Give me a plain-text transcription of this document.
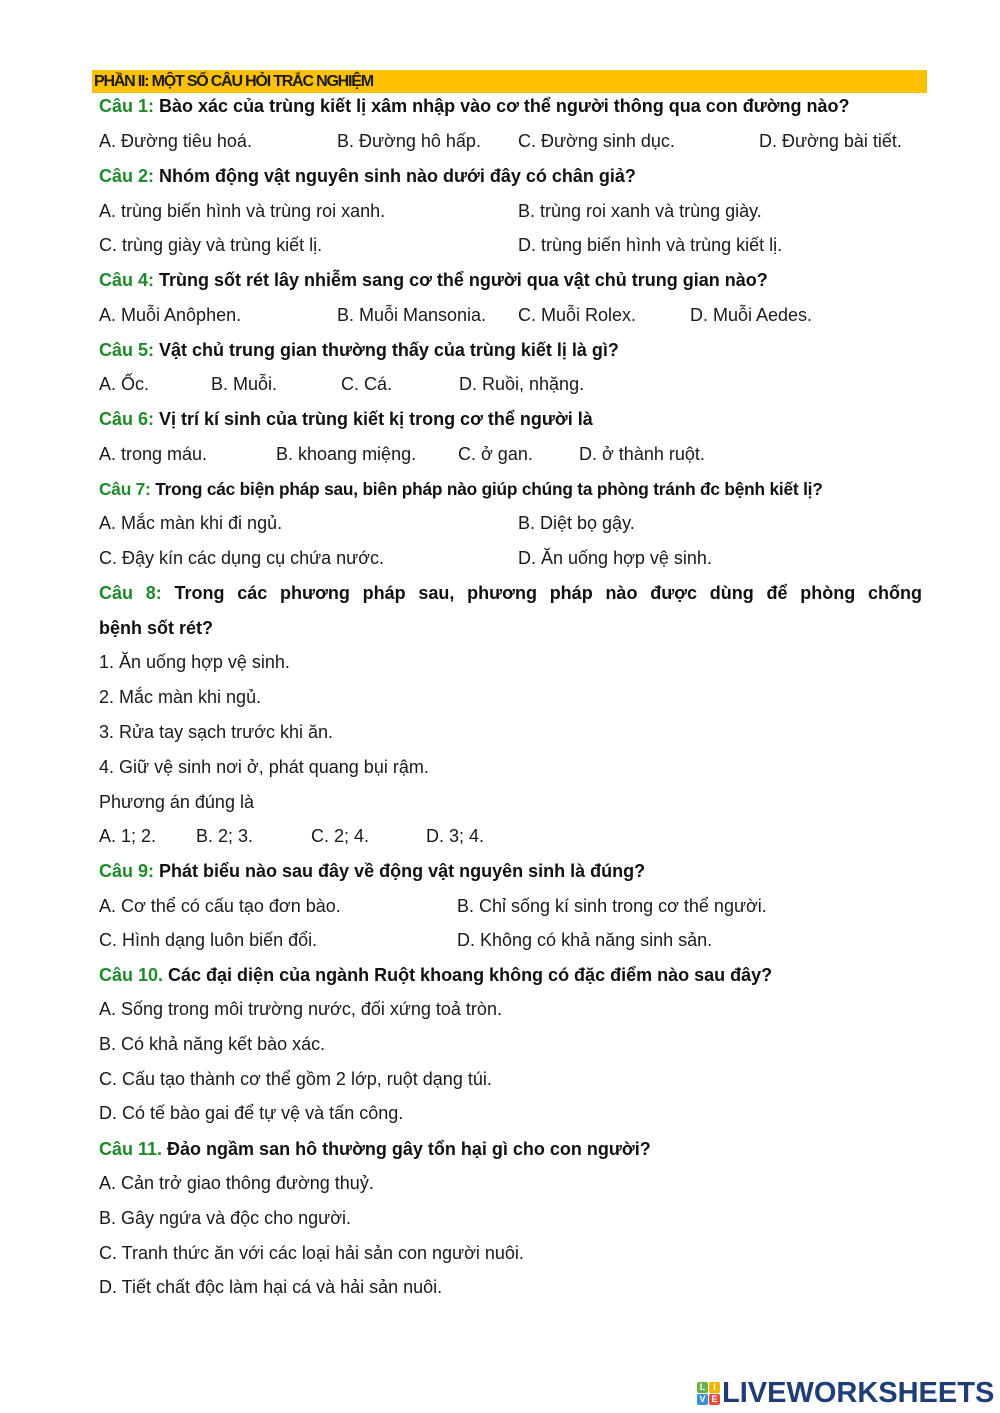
PHẦN II: MỘT SỐ CÂU HỎI TRẮC NGHIỆM
Câu 1: Bào xác của trùng kiết lị xâm nhập vào cơ thể người thông qua con đường nào?
A. Đường tiêu hoá.	B. Đường hô hấp. C. Đường sinh dục.	D. Đường bài tiết.
Câu 2: Nhóm động vật nguyên sinh nào dưới đây có chân giả?
A. trùng biến hình và trùng roi xanh.	B. trùng roi xanh và trùng giày.
C. trùng giày và trùng kiết lị.	D. trùng biến hình và trùng kiết lị.
Câu 4: Trùng sốt rét lây nhiễm sang cơ thể người qua vật chủ trung gian nào?
A. Muỗi Anôphen.	B. Muỗi Mansonia. C. Muỗi Rolex.	D. Muỗi Aedes.
Câu 5: Vật chủ trung gian thường thấy của trùng kiết lị là gì?
A. Ốc.	B. Muỗi.	C. Cá.	D. Ruồi, nhặng.
Câu 6: Vị trí kí sinh của trùng kiết kị trong cơ thể người là
A. trong máu.	B. khoang miệng. C. ở gan.	D. ở thành ruột.
Câu 7: Trong các biện pháp sau, biên pháp nào giúp chúng ta phòng tránh đc bệnh kiết lị?
A. Mắc màn khi đi ngủ.	B. Diệt bọ gậy.
C. Đậy kín các dụng cụ chứa nước.	D. Ăn uống hợp vệ sinh.
Câu 8: Trong các phương pháp sau, phương pháp nào được dùng để phòng chống
bệnh sốt rét?
1. Ăn uống hợp vệ sinh.
2. Mắc màn khi ngủ.
3. Rửa tay sạch trước khi ăn.
4. Giữ vệ sinh nơi ở, phát quang bụi rậm.
Phương án đúng là
A. 1; 2. B. 2; 3.	C. 2; 4.	D. 3; 4.
Câu 9: Phát biểu nào sau đây về động vật nguyên sinh là đúng?
A. Cơ thể có cấu tạo đơn bào.	B. Chỉ sống kí sinh trong cơ thể người.
C. Hình dạng luôn biến đổi.	D. Không có khả năng sinh sản.
Câu 10. Các đại diện của ngành Ruột khoang không có đặc điểm nào sau đây?
A. Sống trong môi trường nước, đối xứng toả tròn.
B. Có khả năng kết bào xác.
C. Cấu tạo thành cơ thể gồm 2 lớp, ruột dạng túi.
D. Có tế bào gai để tự vệ và tấn công.
Câu 11. Đảo ngầm san hô thường gây tổn hại gì cho con người?
A. Cản trở giao thông đường thuỷ.
B. Gây ngứa và độc cho người.
C. Tranh thức ăn với các loại hải sản con người nuôi.
D. Tiết chất độc làm hại cá và hải sản nuôi.
L I
V E LIVEWORKSHEETS
